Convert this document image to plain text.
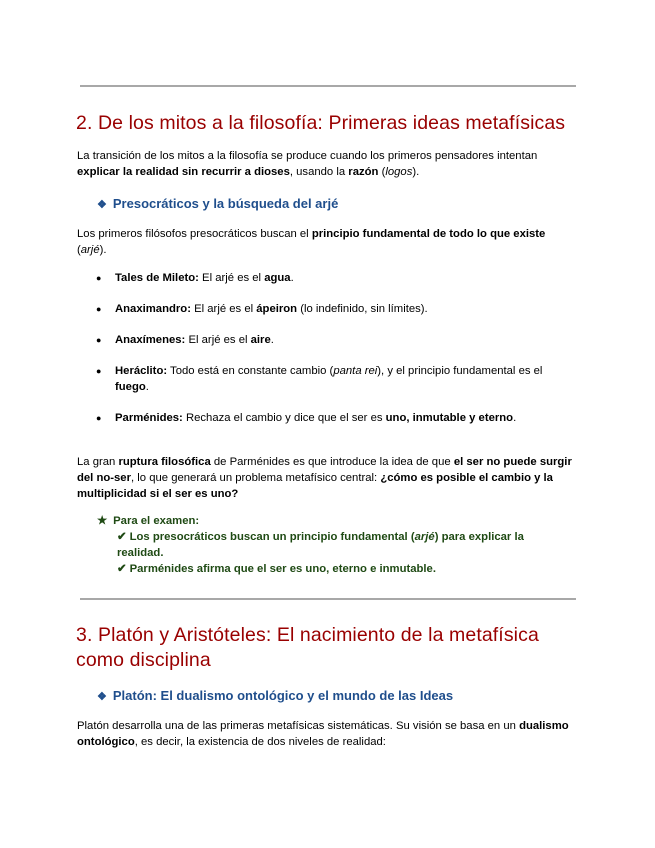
2. De los mitos a la filosofía: Primeras ideas metafísicas

La transición de los mitos a la filosofía se produce cuando los primeros pensadores intentan explicar la realidad sin recurrir a dioses, usando la razón (logos).

❖ Presocráticos y la búsqueda del arjé

Los primeros filósofos presocráticos buscan el principio fundamental de todo lo que existe (arjé).

● Tales de Mileto: El arjé es el agua.
● Anaximandro: El arjé es el ápeiron (lo indefinido, sin límites).
● Anaxímenes: El arjé es el aire.
● Heráclito: Todo está en constante cambio (panta rei), y el principio fundamental es el fuego.
● Parménides: Rechaza el cambio y dice que el ser es uno, inmutable y eterno.

La gran ruptura filosófica de Parménides es que introduce la idea de que el ser no puede surgir del no-ser, lo que generará un problema metafísico central: ¿cómo es posible el cambio y la multiplicidad si el ser es uno?

★ Para el examen:
✔ Los presocráticos buscan un principio fundamental (arjé) para explicar la realidad.
✔ Parménides afirma que el ser es uno, eterno e inmutable.
3. Platón y Aristóteles: El nacimiento de la metafísica como disciplina
❖ Platón: El dualismo ontológico y el mundo de las Ideas

Platón desarrolla una de las primeras metafísicas sistemáticas. Su visión se basa en un dualismo ontológico, es decir, la existencia de dos niveles de realidad:
